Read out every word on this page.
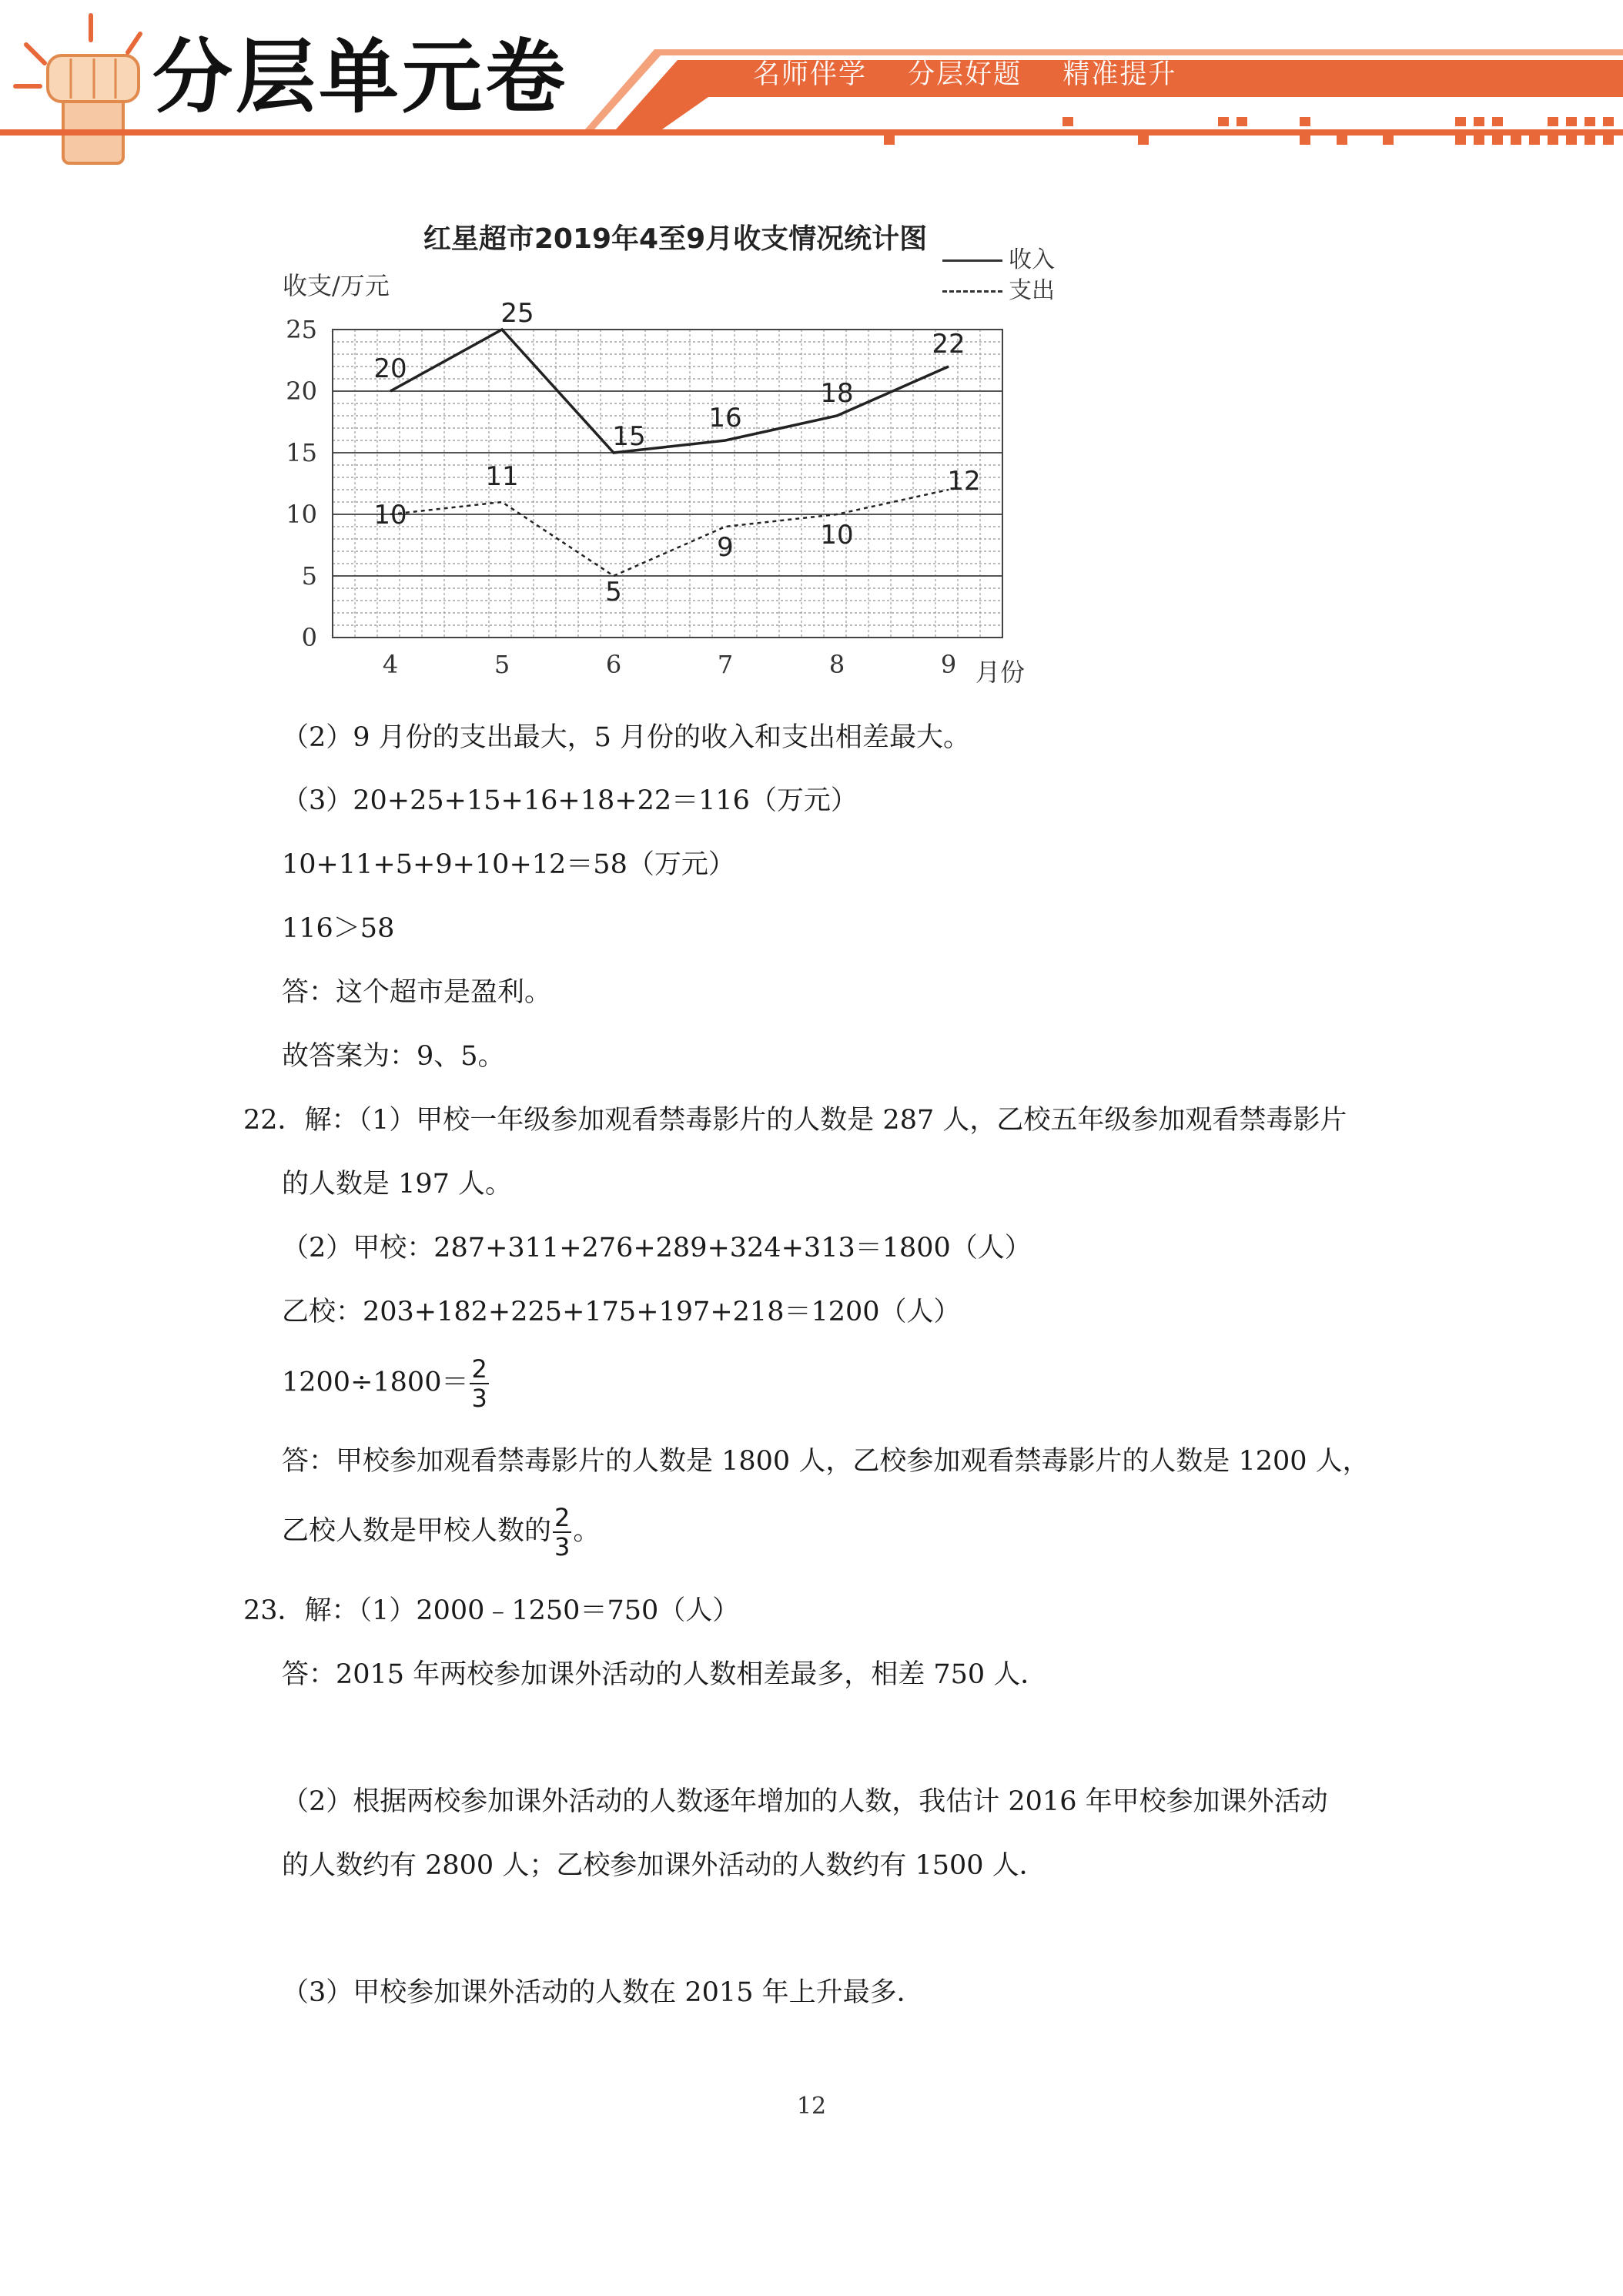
分层单元卷	名师伴学 分层好题 精准提升
红星超市2019年4至9月收支情况统计图
收支/万元
月份
收入
支出
0
5
10
15
20
25
4	5	6	7	8	9
20
25
15
16
18
22
10
11
5
9	10
12
（2）9 月份的支出最大，5 月份的收入和支出相差最大。
（3）20+25+15+16+18+22＝116（万元）
10+11+5+9+10+12＝58（万元）
116＞58
答：这个超市是盈利。
故答案为：9、5。
22．解：（1）甲校一年级参加观看禁毒影片的人数是 287 人，乙校五年级参加观看禁毒影片
的人数是 197 人。
（2）甲校：287+311+276+289+324+313＝1800（人）
乙校：203+182+225+175+197+218＝1200（人）
$1200\div 1800= \frac{2}{3}$
答：甲校参加观看禁毒影片的人数是 1800 人，乙校参加观看禁毒影片的人数是 1200 人，
乙校人数是甲校人数的 $\frac{2}{3}$ 。
23．解：（1）2000﹣1250＝750（人）
答：2015 年两校参加课外活动的人数相差最多，相差 750 人．
（2）根据两校参加课外活动的人数逐年增加的人数，我估计 2016 年甲校参加课外活动
的人数约有 2800 人；乙校参加课外活动的人数约有 1500 人．
（3）甲校参加课外活动的人数在 2015 年上升最多．
12
